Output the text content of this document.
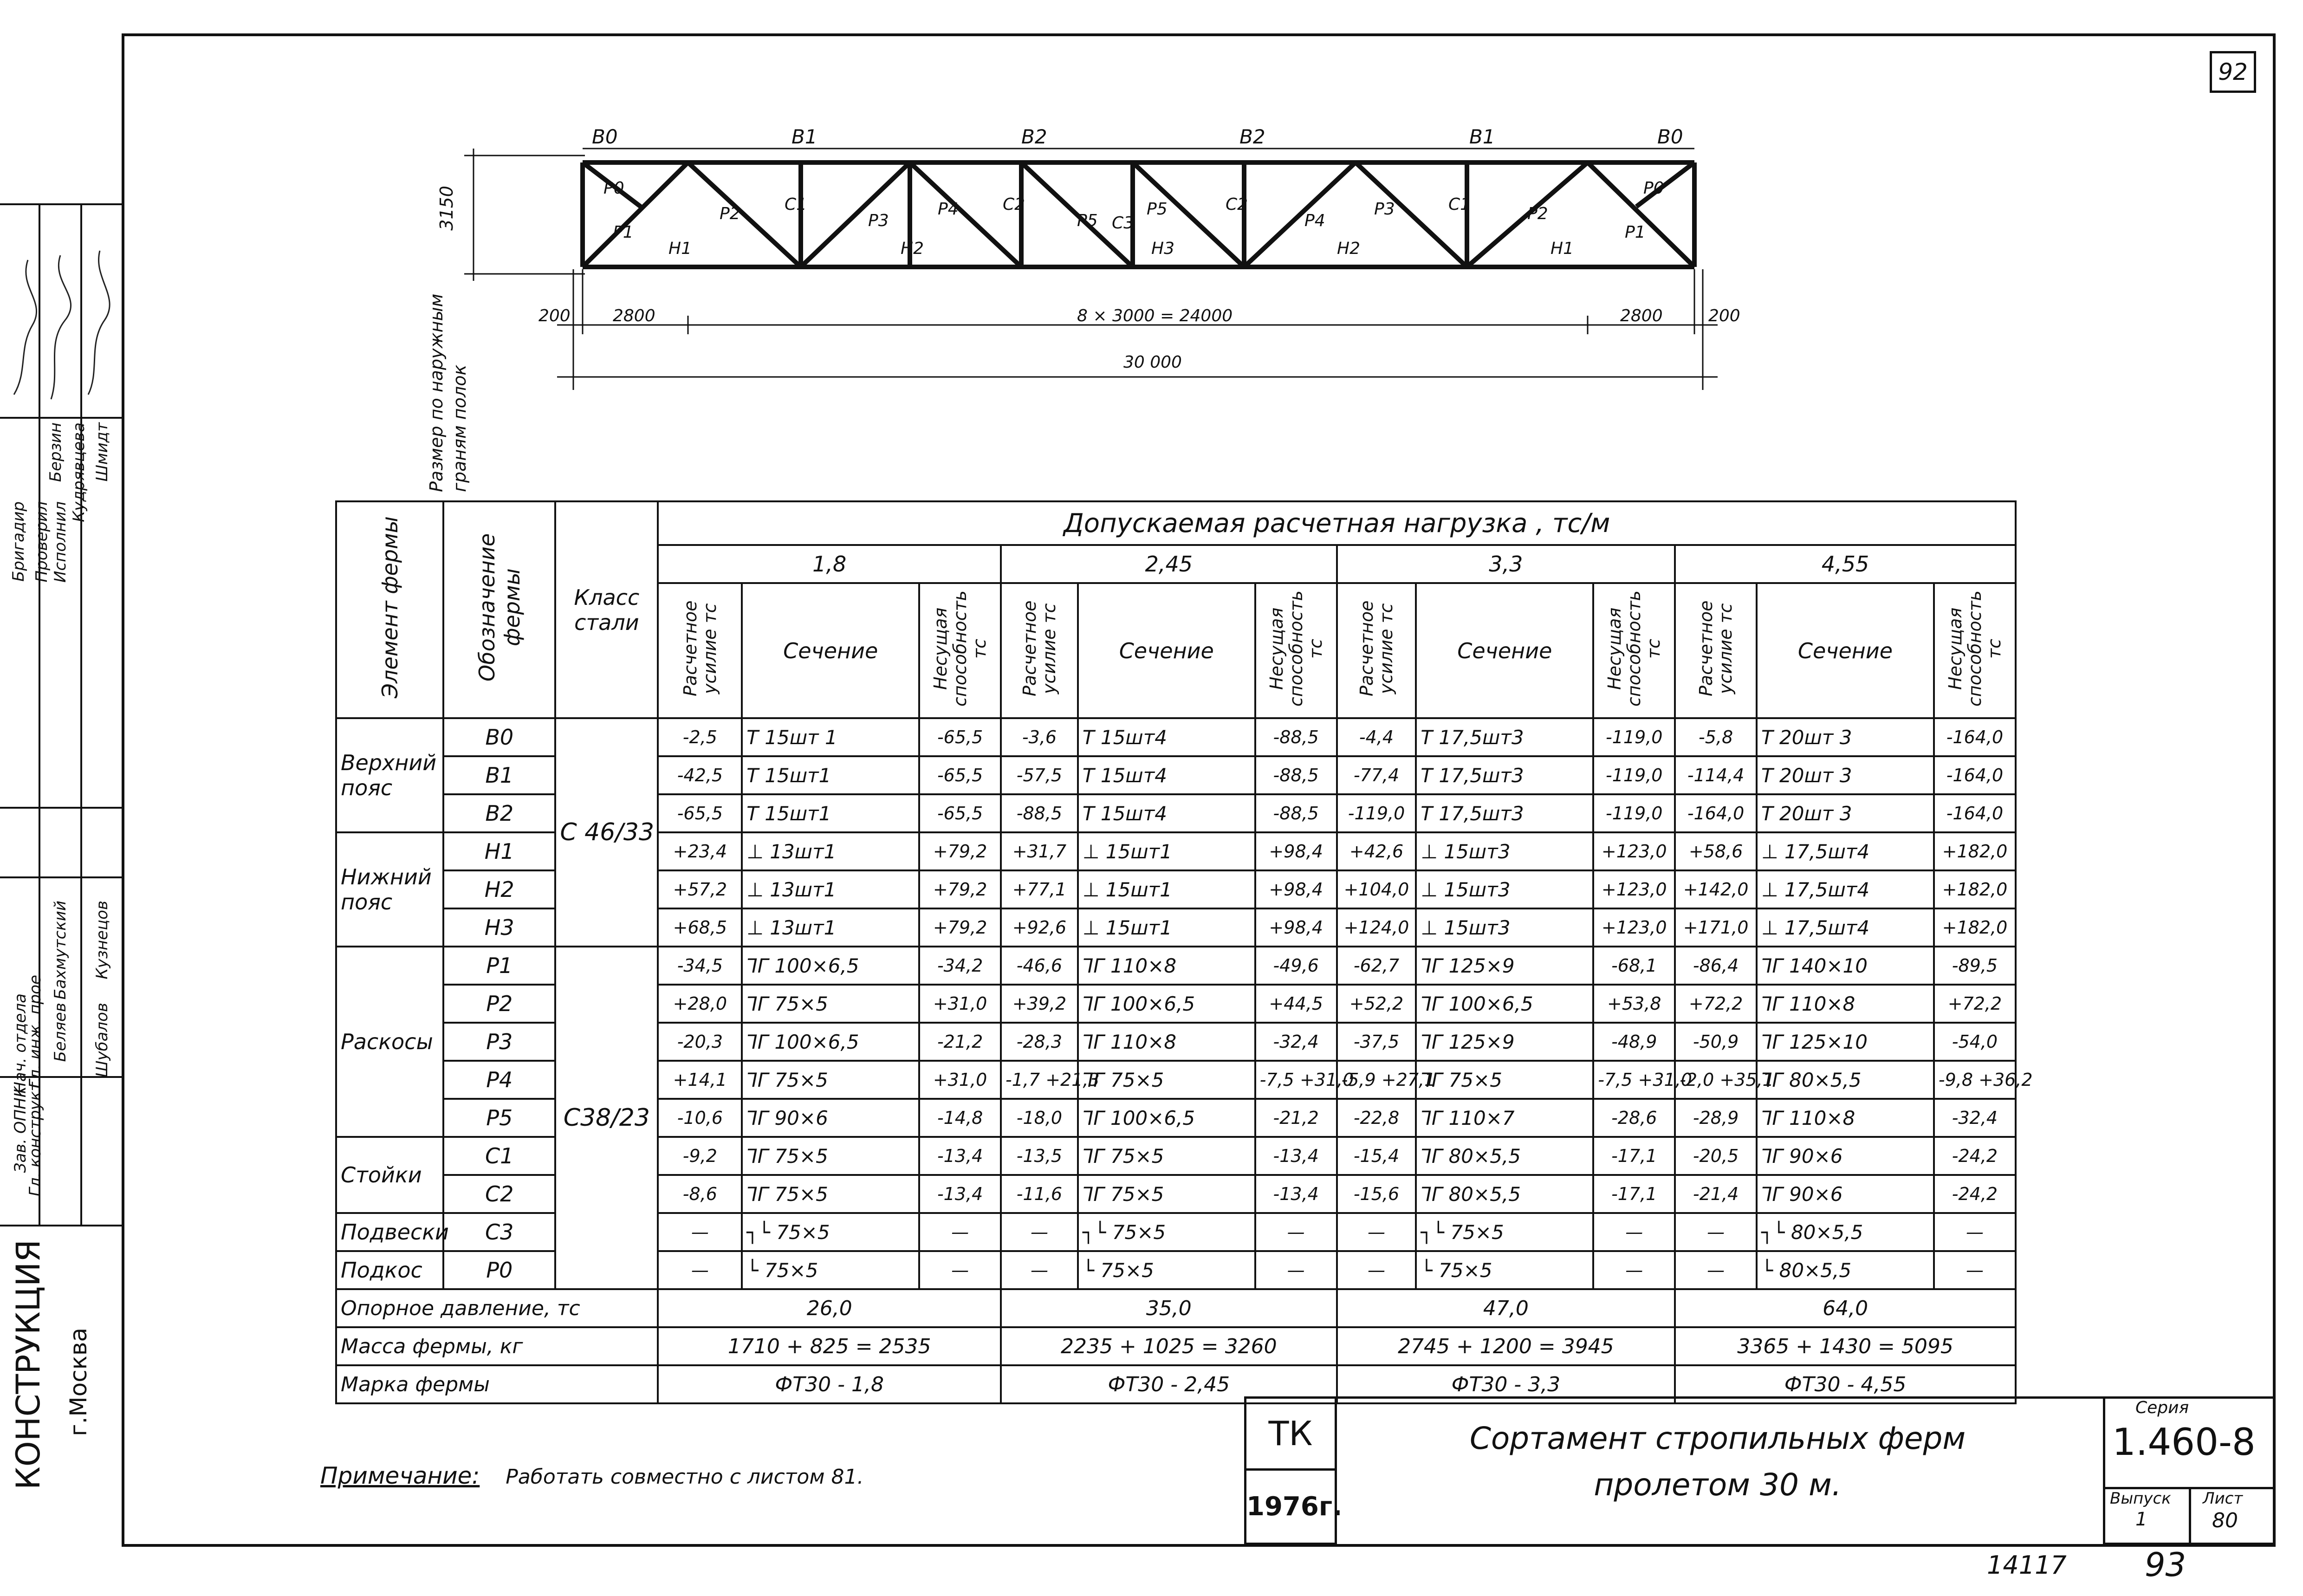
92
В0	В1	В2	В2	В1	В0
Р0
Р1
Н1
Р2	С1
Р3
Р4
Н2
С2
Р5 С3
Р5
Н3
С2
Р4
Р3
Н2
С1	Р2
Н1
Р1
Р0
3150
Размер по наружным граням полок
200	2800	8 × 3000 = 24000	2800	200
30 000
Элемент фермы	Обозначение фермы	Класс стали	Допускаемая расчетная нагрузка , тс/м											
			1,8			2,45			3,3			4,55		
			Расчетное усилие тс	Сечение	Несущая способность тс	Расчетное усилие тс	Сечение	Несущая способность тс	Расчетное усилие тс	Сечение	Несущая способность тс	Расчетное усилие тс	Сечение	Несущая способность тс
Верхний пояс	В0	С 46/33	-2,5	Т 15шт 1	-65,5	-3,6	Т 15шт4	-88,5	-4,4	Т 17,5шт3	-119,0	-5,8	Т 20шт 3	-164,0
	В1		-42,5	Т 15шт1	-65,5	-57,5	Т 15шт4	-88,5	-77,4	Т 17,5шт3	-119,0	-114,4	Т 20шт 3	-164,0
	В2		-65,5	Т 15шт1	-65,5	-88,5	Т 15шт4	-88,5	-119,0	Т 17,5шт3	-119,0	-164,0	Т 20шт 3	-164,0
Нижний пояс	Н1		+23,4	⊥ 13шт1	+79,2	+31,7	⊥ 15шт1	+98,4	+42,6	⊥ 15шт3	+123,0	+58,6	⊥ 17,5шт4	+182,0
	Н2		+57,2	⊥ 13шт1	+79,2	+77,1	⊥ 15шт1	+98,4	+104,0	⊥ 15шт3	+123,0	+142,0	⊥ 17,5шт4	+182,0
	Н3		+68,5	⊥ 13шт1	+79,2	+92,6	⊥ 15шт1	+98,4	+124,0	⊥ 15шт3	+123,0	+171,0	⊥ 17,5шт4	+182,0
Раскосы	Р1	С38/23	-34,5	⅂Г 100×6,5	-34,2	-46,6	⅂Г 110×8	-49,6	-62,7	⅂Г 125×9	-68,1	-86,4	⅂Г 140×10	-89,5
	Р2		+28,0	⅂Г 75×5	+31,0	+39,2	⅂Г 100×6,5	+44,5	+52,2	⅂Г 100×6,5	+53,8	+72,2	⅂Г 110×8	+72,2
	Р3		-20,3	⅂Г 100×6,5	-21,2	-28,3	⅂Г 110×8	-32,4	-37,5	⅂Г 125×9	-48,9	-50,9	⅂Г 125×10	-54,0
	Р4		+14,1	⅂Г 75×5	+31,0	-1,7 +21,3	⅂Г 75×5	-7,5 +31,0	-5,9 +27,1	⅂Г 75×5	-7,5 +31,0	-2,0 +35,1	⅂Г 80×5,5	-9,8 +36,2
	Р5		-10,6	⅂Г 90×6	-14,8	-18,0	⅂Г 100×6,5	-21,2	-22,8	⅂Г 110×7	-28,6	-28,9	⅂Г 110×8	-32,4
Стойки	С1		-9,2	⅂Г 75×5	-13,4	-13,5	⅂Г 75×5	-13,4	-15,4	⅂Г 80×5,5	-17,1	-20,5	⅂Г 90×6	-24,2
	С2		-8,6	⅂Г 75×5	-13,4	-11,6	⅂Г 75×5	-13,4	-15,6	⅂Г 80×5,5	-17,1	-21,4	⅂Г 90×6	-24,2
Подвески	С3		—	┐└ 75×5	—	—	┐└ 75×5	—	—	┐└ 75×5	—	—	┐└ 80×5,5	—
Подкос	Р0		—	└ 75×5	—	—	└ 75×5	—	—	└ 75×5	—	—	└ 80×5,5	—
Опорное давление, тс			26,0			35,0			47,0			64,0		
Масса фермы, кг			1710 + 825 = 2535			2235 + 1025 = 3260			2745 + 1200 = 3945			3365 + 1430 = 5095		
Марка фермы			ФТ30 - 1,8			ФТ30 - 2,45			ФТ30 - 3,3			ФТ30 - 4,55		
Примечание: Работать совместно с листом 81.
ТК
1976г.
Сортамент стропильных ферм
пролетом 30 м.
Серия
1.460-8
Выпуск
1
Лист
80
14117 93
КОНСТРУКЦИЯ г.Москва
Зав. ОПНК
Гл. конструкт.
Нач. отдела
Гл. инж. прое Беляев Шубалов
Бахмутский Кузнецов
Исполнил
Проверил
Бригадир
Шмидт
Кудрявцева
Берзин
